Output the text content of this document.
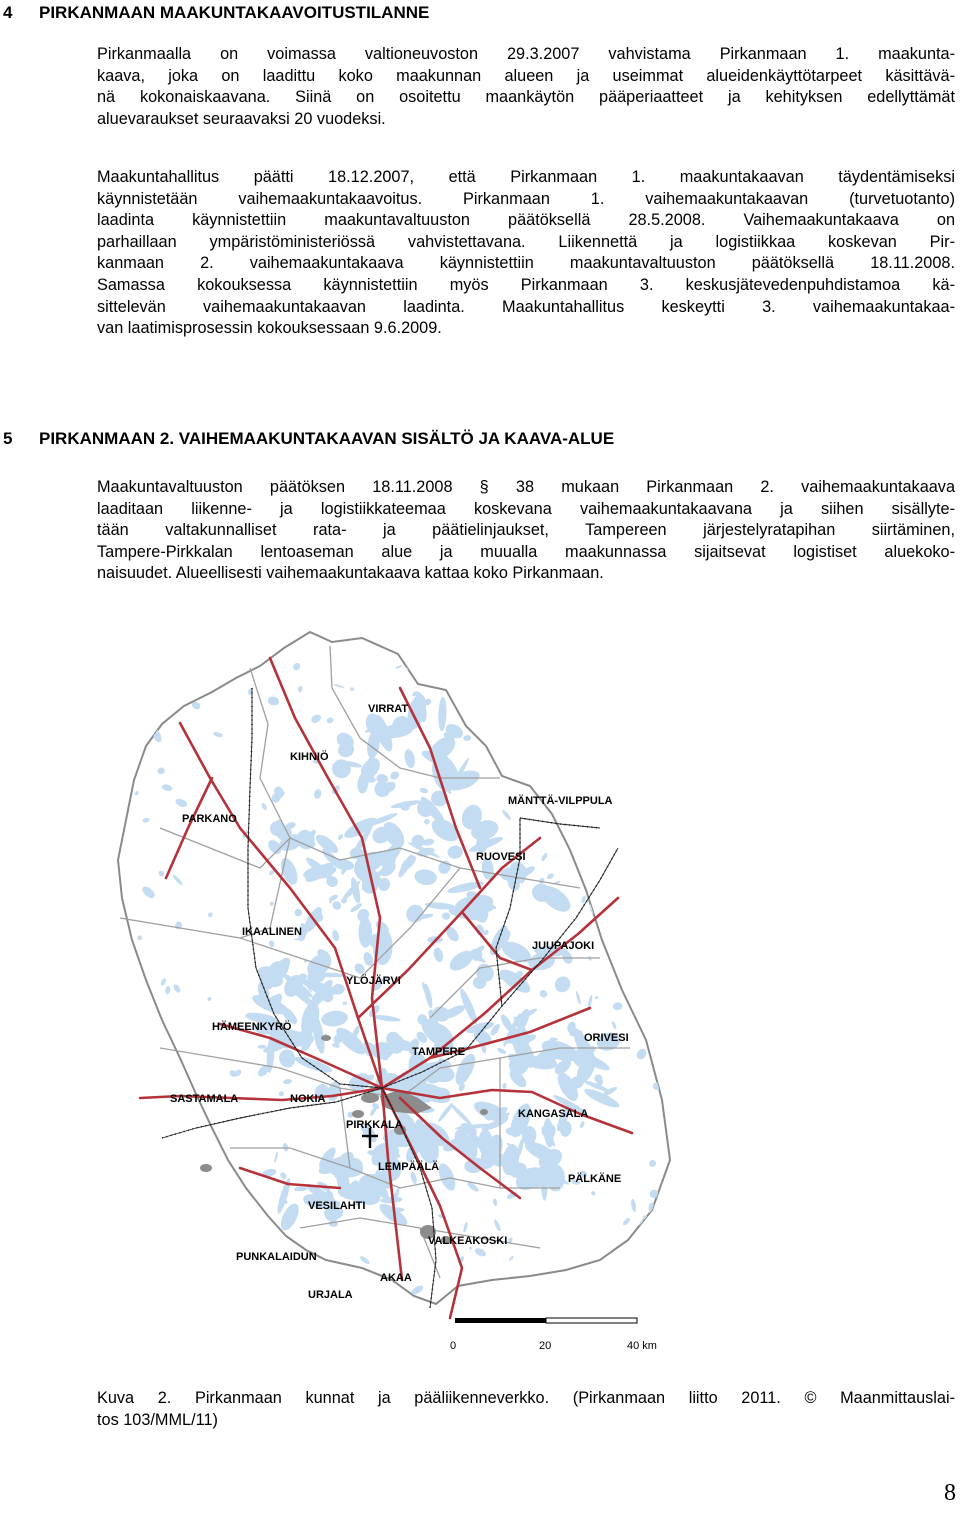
4 PIRKANMAAN MAAKUNTAKAAVOITUSTILANNE
Pirkanmaalla on voimassa valtioneuvoston 29.3.2007 vahvistama Pirkanmaan 1. maakunta-
kaava, joka on laadittu koko maakunnan alueen ja useimmat alueidenkäyttötarpeet käsittävä-
nä kokonaiskaavana. Siinä on osoitettu maankäytön pääperiaatteet ja kehityksen edellyttämät
aluevaraukset seuraavaksi 20 vuodeksi.
Maakuntahallitus päätti 18.12.2007, että Pirkanmaan 1. maakuntakaavan täydentämiseksi
käynnistetään vaihemaakuntakaavoitus. Pirkanmaan 1. vaihemaakuntakaavan (turvetuotanto)
laadinta käynnistettiin maakuntavaltuuston päätöksellä 28.5.2008. Vaihemaakuntakaava on
parhaillaan ympäristöministeriössä vahvistettavana. Liikennettä ja logistiikkaa koskevan Pir-
kanmaan 2. vaihemaakuntakaava käynnistettiin maakuntavaltuuston päätöksellä 18.11.2008.
Samassa kokouksessa käynnistettiin myös Pirkanmaan 3. keskusjätevedenpuhdistamoa kä-
sittelevän vaihemaakuntakaavan laadinta. Maakuntahallitus keskeytti 3. vaihemaakuntakaa-
van laatimisprosessin kokouksessaan 9.6.2009.
5 PIRKANMAAN 2. VAIHEMAAKUNTAKAAVAN SISÄLTÖ JA KAAVA-ALUE
Maakuntavaltuuston päätöksen 18.11.2008 § 38 mukaan Pirkanmaan 2. vaihemaakuntakaava
laaditaan liikenne- ja logistiikkateemaa koskevana vaihemaakuntakaavana ja siihen sisällyte-
tään valtakunnalliset rata- ja päätielinjaukset, Tampereen järjestelyratapihan siirtäminen,
Tampere-Pirkkalan lentoaseman alue ja muualla maakunnassa sijaitsevat logistiset aluekoko-
naisuudet. Alueellisesti vaihemaakuntakaava kattaa koko Pirkanmaan.
VIRRAT
KIHNIÖ
MÄNTTÄ-VILPPULA
PARKANO
RUOVESI
IKAALINEN
JUUPAJOKI
YLÖJÄRVI
HÄMEENKYRÖ
ORIVESI
TAMPERE
SASTAMALA	NOKIA
KANGASALA
PIRKKALA
LEMPÄÄLÄ
PÄLKÄNE
VESILAHTI
VALKEAKOSKI
PUNKALAIDUN
AKAA
URJALA
0	20	40 km
Kuva 2. Pirkanmaan kunnat ja pääliikenneverkko. (Pirkanmaan liitto 2011. © Maanmittauslai-
tos 103/MML/11)
8
